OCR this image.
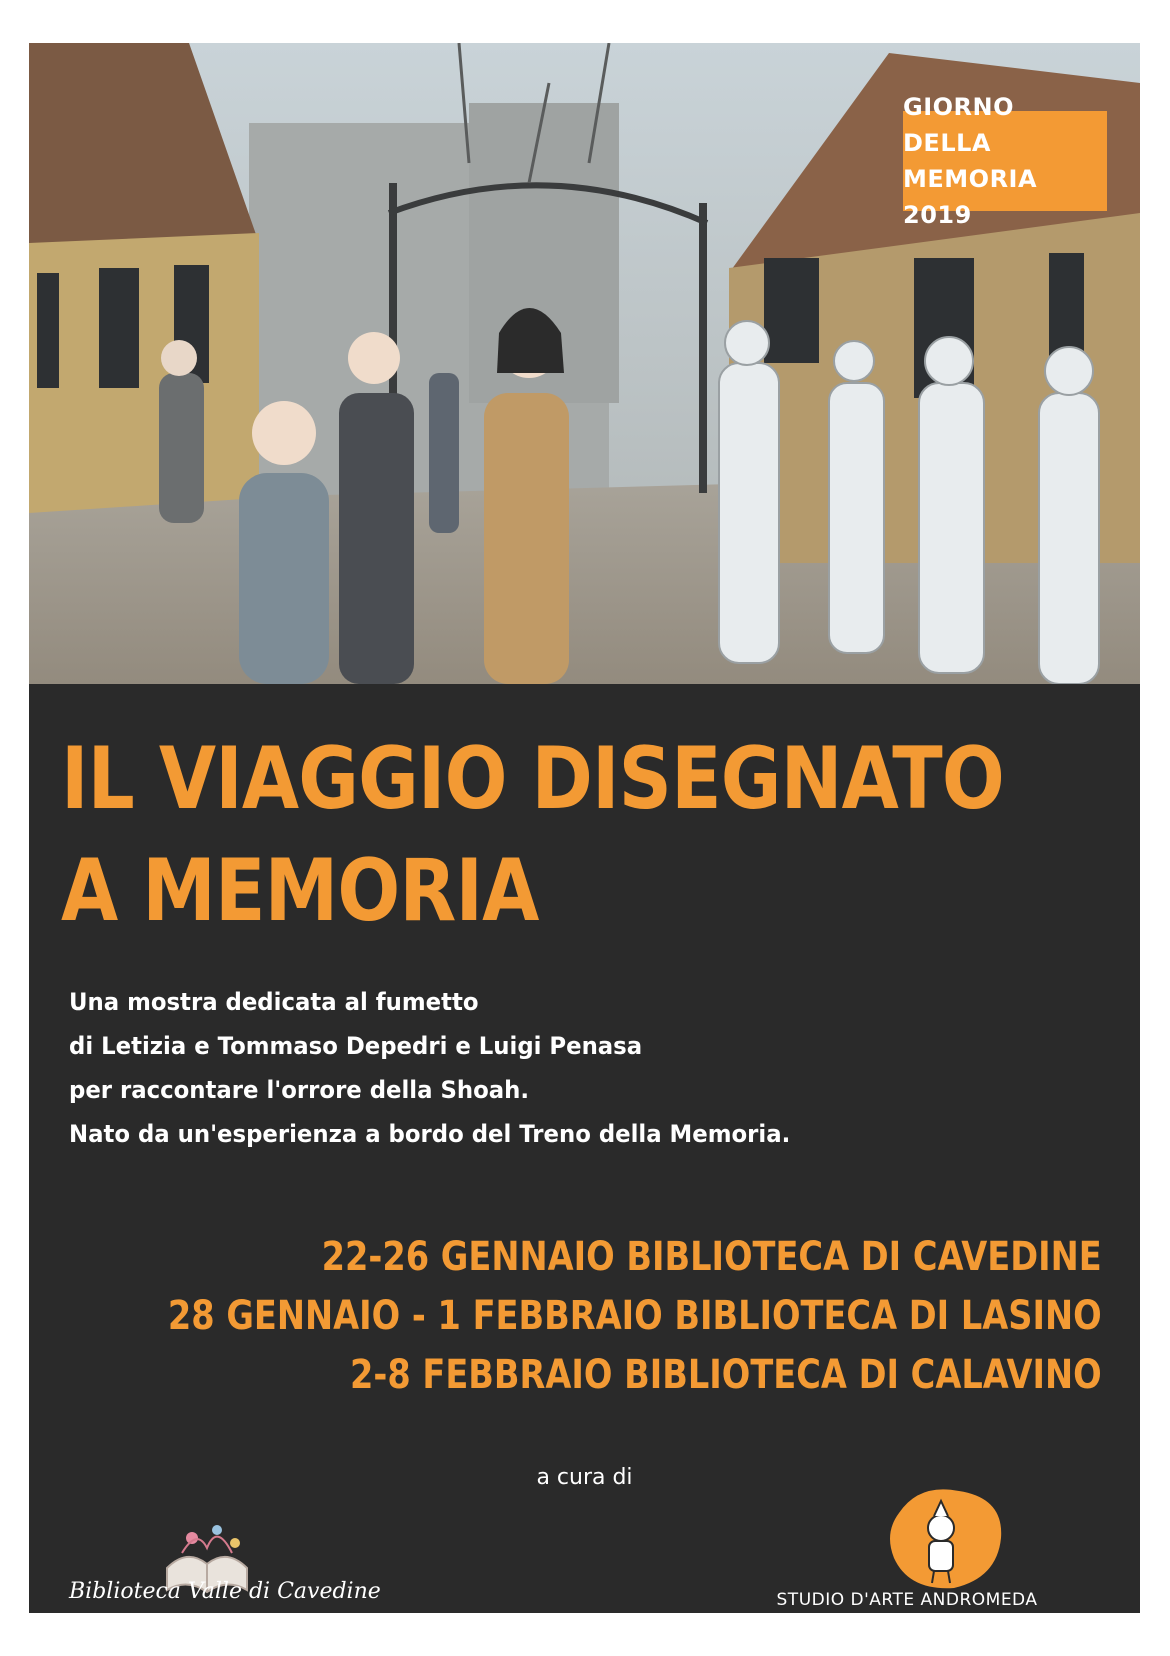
GIORNO DELLA
MEMORIA 2019
IL VIAGGIO DISEGNATO
A MEMORIA
Una mostra dedicata al fumetto
di Letizia e Tommaso Depedri e Luigi Penasa
per raccontare l'orrore della Shoah.
Nato da un'esperienza a bordo del Treno della Memoria.
22-26 GENNAIO BIBLIOTECA DI CAVEDINE
28 GENNAIO - 1 FEBBRAIO BIBLIOTECA DI LASINO
2-8 FEBBRAIO BIBLIOTECA DI CALAVINO
a cura di
Biblioteca Valle di Cavedine	STUDIO D'ARTE ANDROMEDA
